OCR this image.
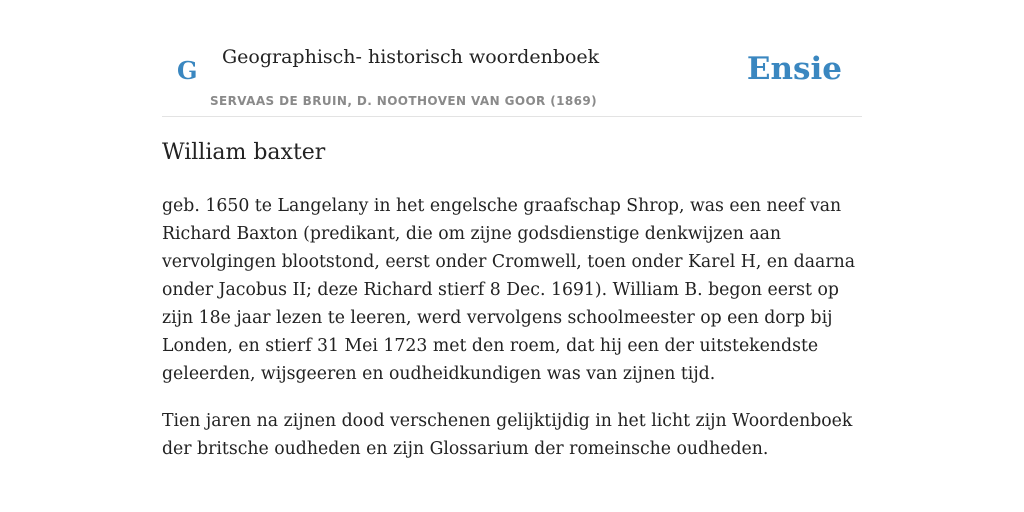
G Geographisch- historisch woordenboek
SERVAAS DE BRUIN, D. NOOTHOVEN VAN GOOR (1869)
Ensie
William baxter

geb. 1650 te Langelany in het engelsche graafschap Shrop, was een neef van Richard Baxton (predikant, die om zijne godsdienstige denkwijzen aan vervolgingen blootstond, eerst onder Cromwell, toen onder Karel H, en daarna onder Jacobus II; deze Richard stierf 8 Dec. 1691). William B. begon eerst op zijn 18e jaar lezen te leeren, werd vervolgens schoolmeester op een dorp bij Londen, en stierf 31 Mei 1723 met den roem, dat hij een der uitstekendste geleerden, wijsgeeren en oudheidkundigen was van zijnen tijd.

Tien jaren na zijnen dood verschenen gelijktijdig in het licht zijn Woordenboek der britsche oudheden en zijn Glossarium der romeinsche oudheden.
